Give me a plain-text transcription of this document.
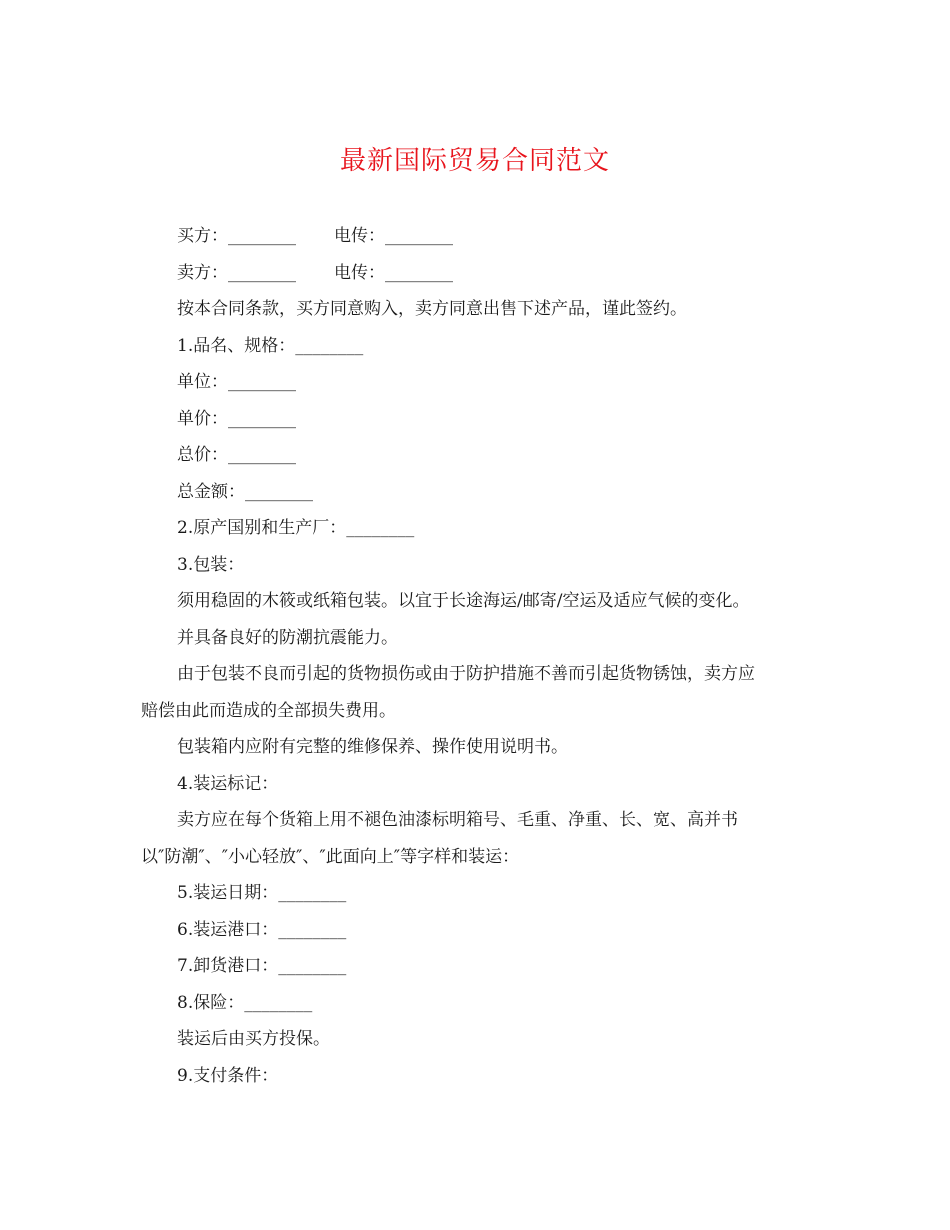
最新国际贸易合同范文
买方：________ 电传：________
卖方：________ 电传：________
按本合同条款，买方同意购入，卖方同意出售下述产品，谨此签约。
1.品名、规格：________
单位：________
单价：________
总价：________
总金额：________
2.原产国别和生产厂：________
3.包装：
须用稳固的木筱或纸箱包装。以宜于长途海运/邮寄/空运及适应气候的变化。
并具备良好的防潮抗震能力。
由于包装不良而引起的货物损伤或由于防护措施不善而引起货物锈蚀，卖方应
赔偿由此而造成的全部损失费用。
包装箱内应附有完整的维修保养、操作使用说明书。
4.装运标记：
卖方应在每个货箱上用不褪色油漆标明箱号、毛重、净重、长、宽、高并书
以″防潮″、″小心轻放″、″此面向上″等字样和装运：
5.装运日期：________
6.装运港口：________
7.卸货港口：________
8.保险：________
装运后由买方投保。
9.支付条件：
